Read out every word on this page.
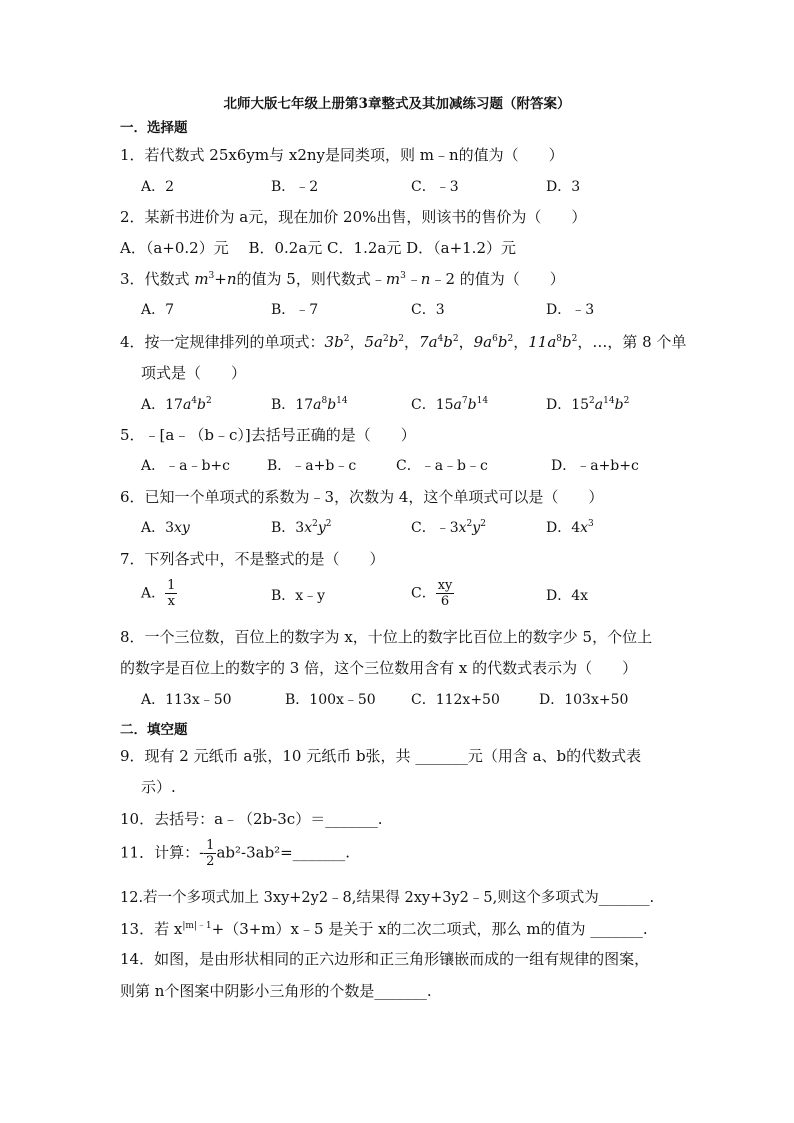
北师大版七年级上册第3章整式及其加减练习题（附答案）
一．选择题
1．若代数式 25x6ym与 x2ny是同类项，则 m﹣n的值为（　　）
A．2	B．﹣2	C．﹣3	D．3
2．某新书进价为 a元，现在加价 20%出售，则该书的售价为（　　）
A．（a+0.2）元　 B．0.2a元 C．1.2a元 D．（a+1.2）元
3．代数式 $m^3+n$的值为 5，则代数式$﹣m^3﹣n﹣2$ 的值为（　　）
A．7	B．﹣7	C．3	D．﹣3
4．按一定规律排列的单项式：$3b^2$，$5a^2b^2$，$7a^4b^2$，$9a^6b^2$，$11a^8b^2$，…，第 8 个单
项式是（　　）
A．$17a^4b^2$	B．$17a^8b^{14}$	C．$15a^7b^{14}$	D．$15^2a^{14}b^2$
5．﹣[a﹣（b﹣c）]去括号正确的是（　　）
A．﹣a﹣b+c	B．﹣a+b﹣c	C．﹣a﹣b﹣c	D．﹣a+b+c
6．已知一个单项式的系数为﹣3，次数为 4，这个单项式可以是（　　）
A．3xy	B．$3x^2y^2$	C．$﹣3x^2y^2$	D．$4x^3$
7．下列各式中，不是整式的是（　　）
A． $\frac{1}{x}$	B．x﹣y	C． $\frac{xy}{6}$	D．4x
8．一个三位数，百位上的数字为 x，十位上的数字比百位上的数字少 5，个位上
的数字是百位上的数字的 3 倍，这个三位数用含有 x 的代数式表示为（　　）
A．113x﹣50	B．100x﹣50	C．112x+50	D．103x+50
二．填空题
9．现有 2 元纸币 a张，10 元纸币 b张，共 _______元（用含 a、b的代数式表
示）.
10．去括号：a﹣（2b-3c）＝_______.
11．计算：- $\frac{1}{2}$ ab²-3ab²=_______.
12.若一个多项式加上 3xy+2y2﹣8,结果得 2xy+3y2﹣5,则这个多项式为_______.
13．若 $x^{|m|﹣1}+(3+m)x﹣5$ 是关于 x的二次二项式，那么 m的值为 _______.
14．如图，是由形状相同的正六边形和正三角形镶嵌而成的一组有规律的图案，
则第 n个图案中阴影小三角形的个数是_______.
